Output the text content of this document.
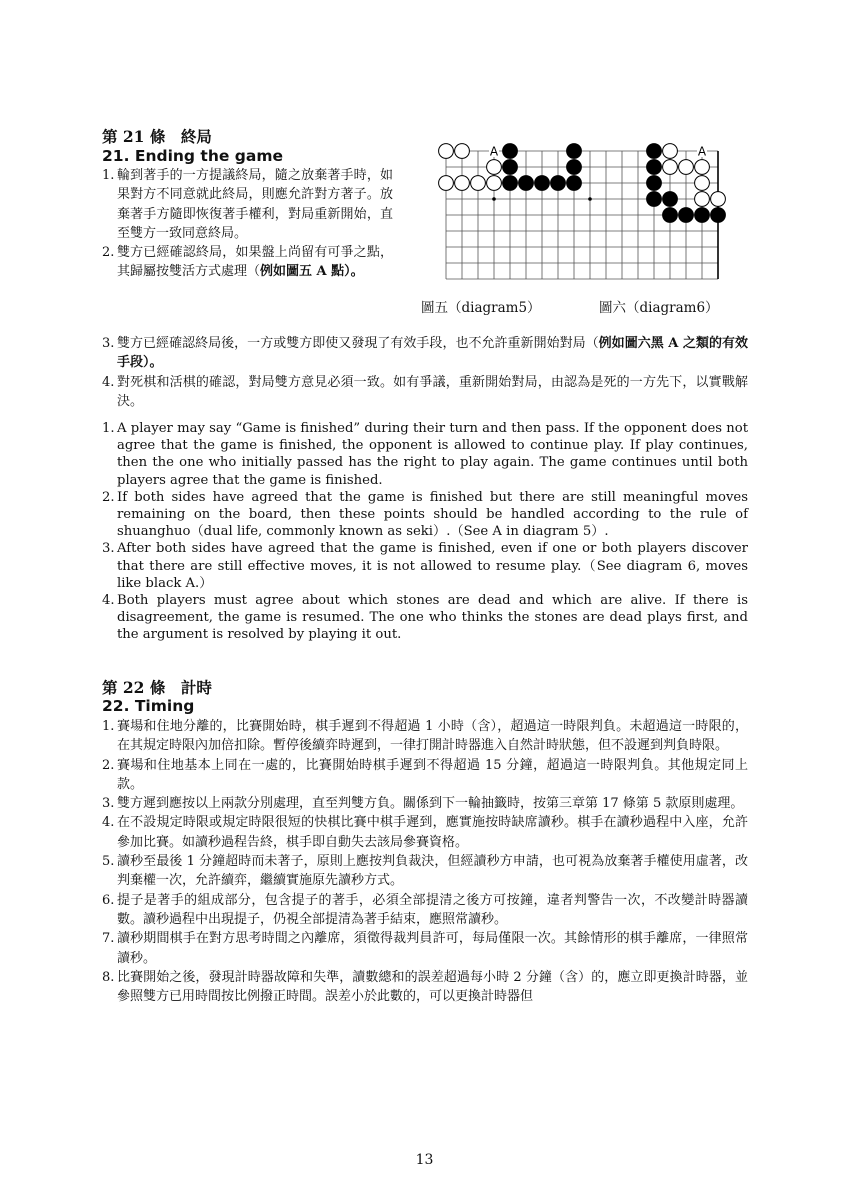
第 21 條　終局
21. Ending the game
1. 輪到著手的一方提議終局，隨之放棄著手時，如果對方不同意就此終局，則應允許對方著子。放棄著手方隨即恢復著手權利，對局重新開始，直至雙方一致同意終局。
2. 雙方已經確認終局，如果盤上尚留有可爭之點，其歸屬按雙活方式處理（例如圖五 A 點）。
3. 雙方已經確認終局後，一方或雙方即使又發現了有效手段，也不允許重新開始對局（例如圖六黑 A 之類的有效手段）。
4. 對死棋和活棋的確認，對局雙方意見必須一致。如有爭議，重新開始對局，由認為是死的一方先下，以實戰解決。
1. A player may say “Game is finished” during their turn and then pass. If the opponent does not agree that the game is finished, the opponent is allowed to continue play. If play continues, then the one who initially passed has the right to play again. The game continues until both players agree that the game is finished.
2. If both sides have agreed that the game is finished but there are still meaningful moves remaining on the board, then these points should be handled according to the rule of shuanghuo（dual life, commonly known as seki）.（See A in diagram 5）.
3. After both sides have agreed that the game is finished, even if one or both players discover that there are still effective moves, it is not allowed to resume play.（See diagram 6, moves like black A.）
4. Both players must agree about which stones are dead and which are alive. If there is disagreement, the game is resumed. The one who thinks the stones are dead plays first, and the argument is resolved by playing it out.
A	A
圖五（diagram5）	圖六（diagram6）
第 22 條　計時
22. Timing
1. 賽場和住地分離的，比賽開始時，棋手遲到不得超過 1 小時（含），超過這一時限判負。未超過這一時限的，在其規定時限內加倍扣除。暫停後續弈時遲到，一律打開計時器進入自然計時狀態，但不設遲到判負時限。
2. 賽場和住地基本上同在一處的，比賽開始時棋手遲到不得超過 15 分鐘，超過這一時限判負。其他規定同上款。
3. 雙方遲到應按以上兩款分別處理，直至判雙方負。關係到下一輪抽籤時，按第三章第 17 條第 5 款原則處理。
4. 在不設規定時限或規定時限很短的快棋比賽中棋手遲到，應實施按時缺席讀秒。棋手在讀秒過程中入座，允許參加比賽。如讀秒過程告終，棋手即自動失去該局參賽資格。
5. 讀秒至最後 1 分鐘超時而未著子，原則上應按判負裁決，但經讀秒方申請，也可視為放棄著手權使用虛著，改判棄權一次，允許續弈，繼續實施原先讀秒方式。
6. 提子是著手的組成部分，包含提子的著手，必須全部提清之後方可按鐘，違者判警告一次，不改變計時器讀數。讀秒過程中出現提子，仍視全部提清為著手結束，應照常讀秒。
7. 讀秒期間棋手在對方思考時間之內離席，須徵得裁判員許可，每局僅限一次。其餘情形的棋手離席，一律照常讀秒。
8. 比賽開始之後，發現計時器故障和失準，讀數總和的誤差超過每小時 2 分鐘（含）的，應立即更換計時器，並參照雙方已用時間按比例撥正時間。誤差小於此數的，可以更換計時器但
13
